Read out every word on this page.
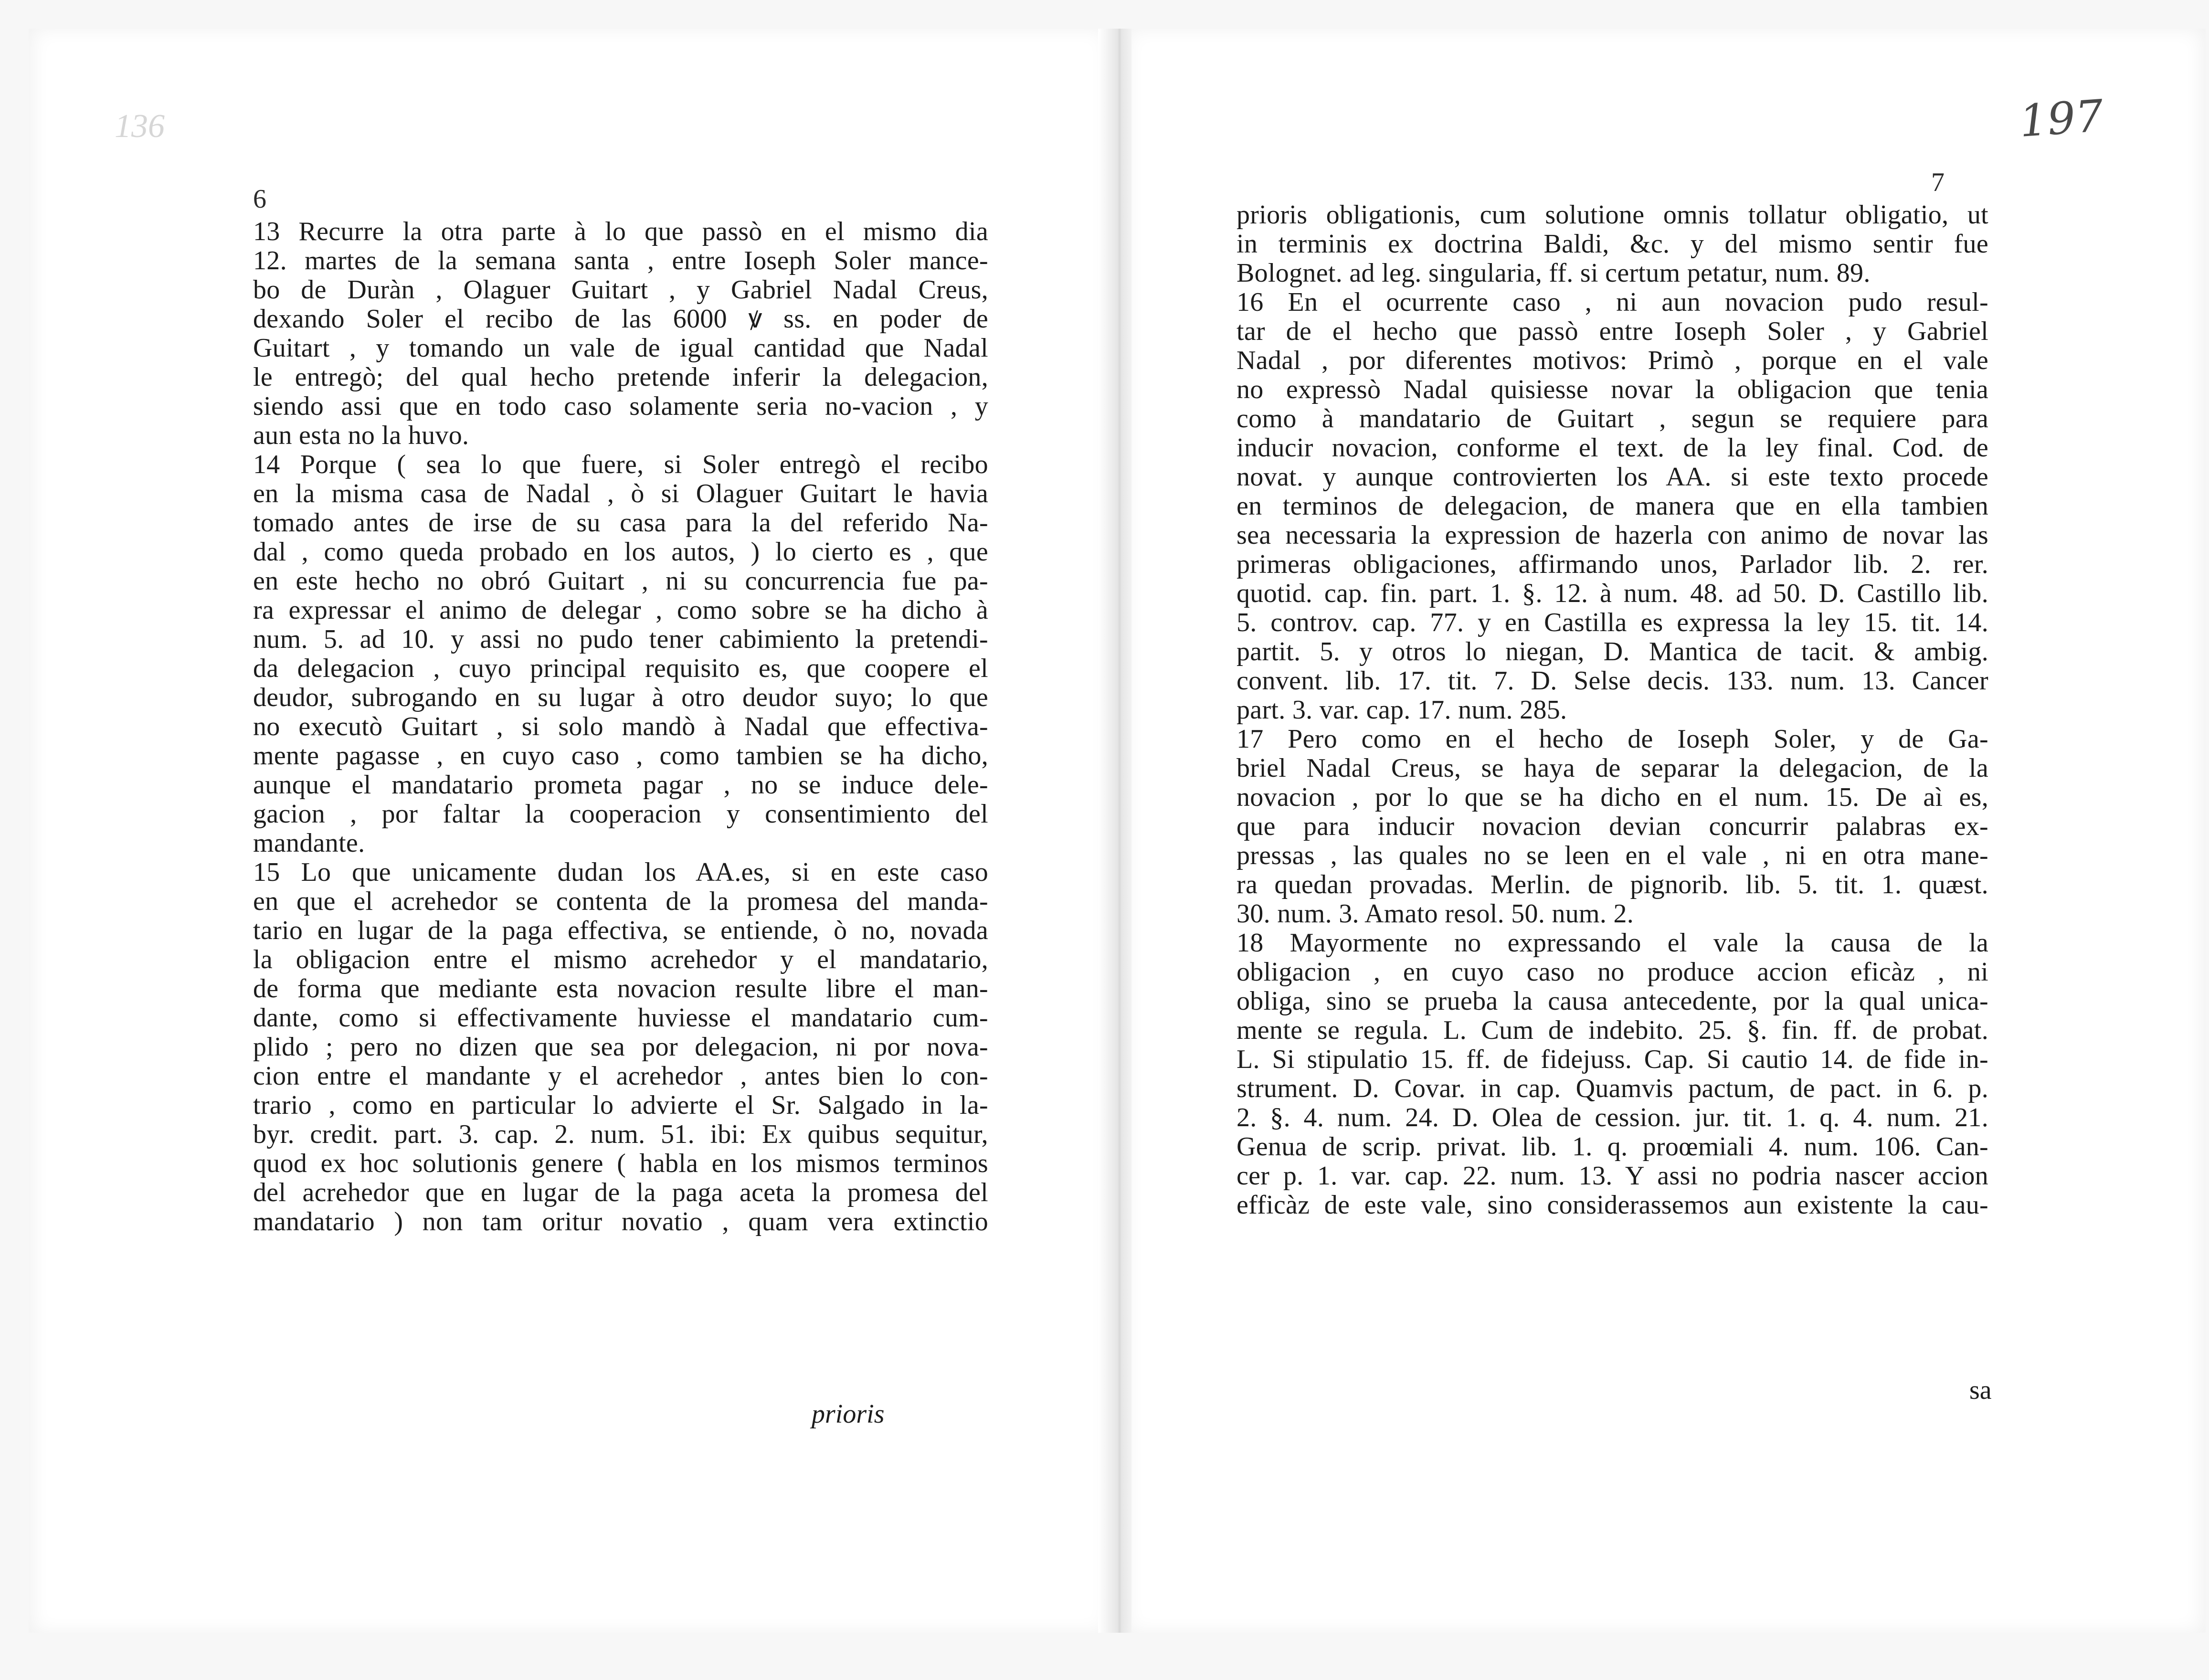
136
6
13 Recurre la otra parte à lo que passò en el mismo dia
12. martes de la semana santa , entre Ioseph Soler mance-
bo de Duràn , Olaguer Guitart , y Gabriel Nadal Creus,
dexando Soler el recibo de las 6000 ꝟ ss. en poder de
Guitart , y tomando un vale de igual cantidad que Nadal
le entregò; del qual hecho pretende inferir la delegacion,
siendo assi que en todo caso solamente seria no-vacion , y
aun esta no la huvo.
14 Porque ( sea lo que fuere, si Soler entregò el recibo
en la misma casa de Nadal , ò si Olaguer Guitart le havia
tomado antes de irse de su casa para la del referido Na-
dal , como queda probado en los autos, ) lo cierto es , que
en este hecho no obró Guitart , ni su concurrencia fue pa-
ra expressar el animo de delegar , como sobre se ha dicho à
num. 5. ad 10. y assi no pudo tener cabimiento la pretendi-
da delegacion , cuyo principal requisito es, que coopere el
deudor, subrogando en su lugar à otro deudor suyo; lo que
no executò Guitart , si solo mandò à Nadal que effectiva-
mente pagasse , en cuyo caso , como tambien se ha dicho,
aunque el mandatario prometa pagar , no se induce dele-
gacion , por faltar la cooperacion y consentimiento del
mandante.
15 Lo que unicamente dudan los AA.es, si en este caso
en que el acrehedor se contenta de la promesa del manda-
tario en lugar de la paga effectiva, se entiende, ò no, novada
la obligacion entre el mismo acrehedor y el mandatario,
de forma que mediante esta novacion resulte libre el man-
dante, como si effectivamente huviesse el mandatario cum-
plido ; pero no dizen que sea por delegacion, ni por nova-
cion entre el mandante y el acrehedor , antes bien lo con-
trario , como en particular lo advierte el Sr. Salgado in la-
byr. credit. part. 3. cap. 2. num. 51. ibi: Ex quibus sequitur,
quod ex hoc solutionis genere ( habla en los mismos terminos
del acrehedor que en lugar de la paga aceta la promesa del
mandatario ) non tam oritur novatio , quam vera extinctio
prioris
197
7
prioris obligationis, cum solutione omnis tollatur obligatio, ut
in terminis ex doctrina Baldi, &c. y del mismo sentir fue
Bolognet. ad leg. singularia, ff. si certum petatur, num. 89.
16 En el ocurrente caso , ni aun novacion pudo resul-
tar de el hecho que passò entre Ioseph Soler , y Gabriel
Nadal , por diferentes motivos: Primò , porque en el vale
no expressò Nadal quisiesse novar la obligacion que tenia
como à mandatario de Guitart , segun se requiere para
inducir novacion, conforme el text. de la ley final. Cod. de
novat. y aunque controvierten los AA. si este texto procede
en terminos de delegacion, de manera que en ella tambien
sea necessaria la expression de hazerla con animo de novar las
primeras obligaciones, affirmando unos, Parlador lib. 2. rer.
quotid. cap. fin. part. 1. §. 12. à num. 48. ad 50. D. Castillo lib.
5. controv. cap. 77. y en Castilla es expressa la ley 15. tit. 14.
partit. 5. y otros lo niegan, D. Mantica de tacit. & ambig.
convent. lib. 17. tit. 7. D. Selse decis. 133. num. 13. Cancer
part. 3. var. cap. 17. num. 285.
17 Pero como en el hecho de Ioseph Soler, y de Ga-
briel Nadal Creus, se haya de separar la delegacion, de la
novacion , por lo que se ha dicho en el num. 15. De aì es,
que para inducir novacion devian concurrir palabras ex-
pressas , las quales no se leen en el vale , ni en otra mane-
ra quedan provadas. Merlin. de pignorib. lib. 5. tit. 1. quæst.
30. num. 3. Amato resol. 50. num. 2.
18 Mayormente no expressando el vale la causa de la
obligacion , en cuyo caso no produce accion eficàz , ni
obliga, sino se prueba la causa antecedente, por la qual unica-
mente se regula. L. Cum de indebito. 25. §. fin. ff. de probat.
L. Si stipulatio 15. ff. de fidejuss. Cap. Si cautio 14. de fide in-
strument. D. Covar. in cap. Quamvis pactum, de pact. in 6. p.
2. §. 4. num. 24. D. Olea de cession. jur. tit. 1. q. 4. num. 21.
Genua de scrip. privat. lib. 1. q. proœmiali 4. num. 106. Can-
cer p. 1. var. cap. 22. num. 13. Y assi no podria nascer accion
efficàz de este vale, sino considerassemos aun existente la cau-
sa
